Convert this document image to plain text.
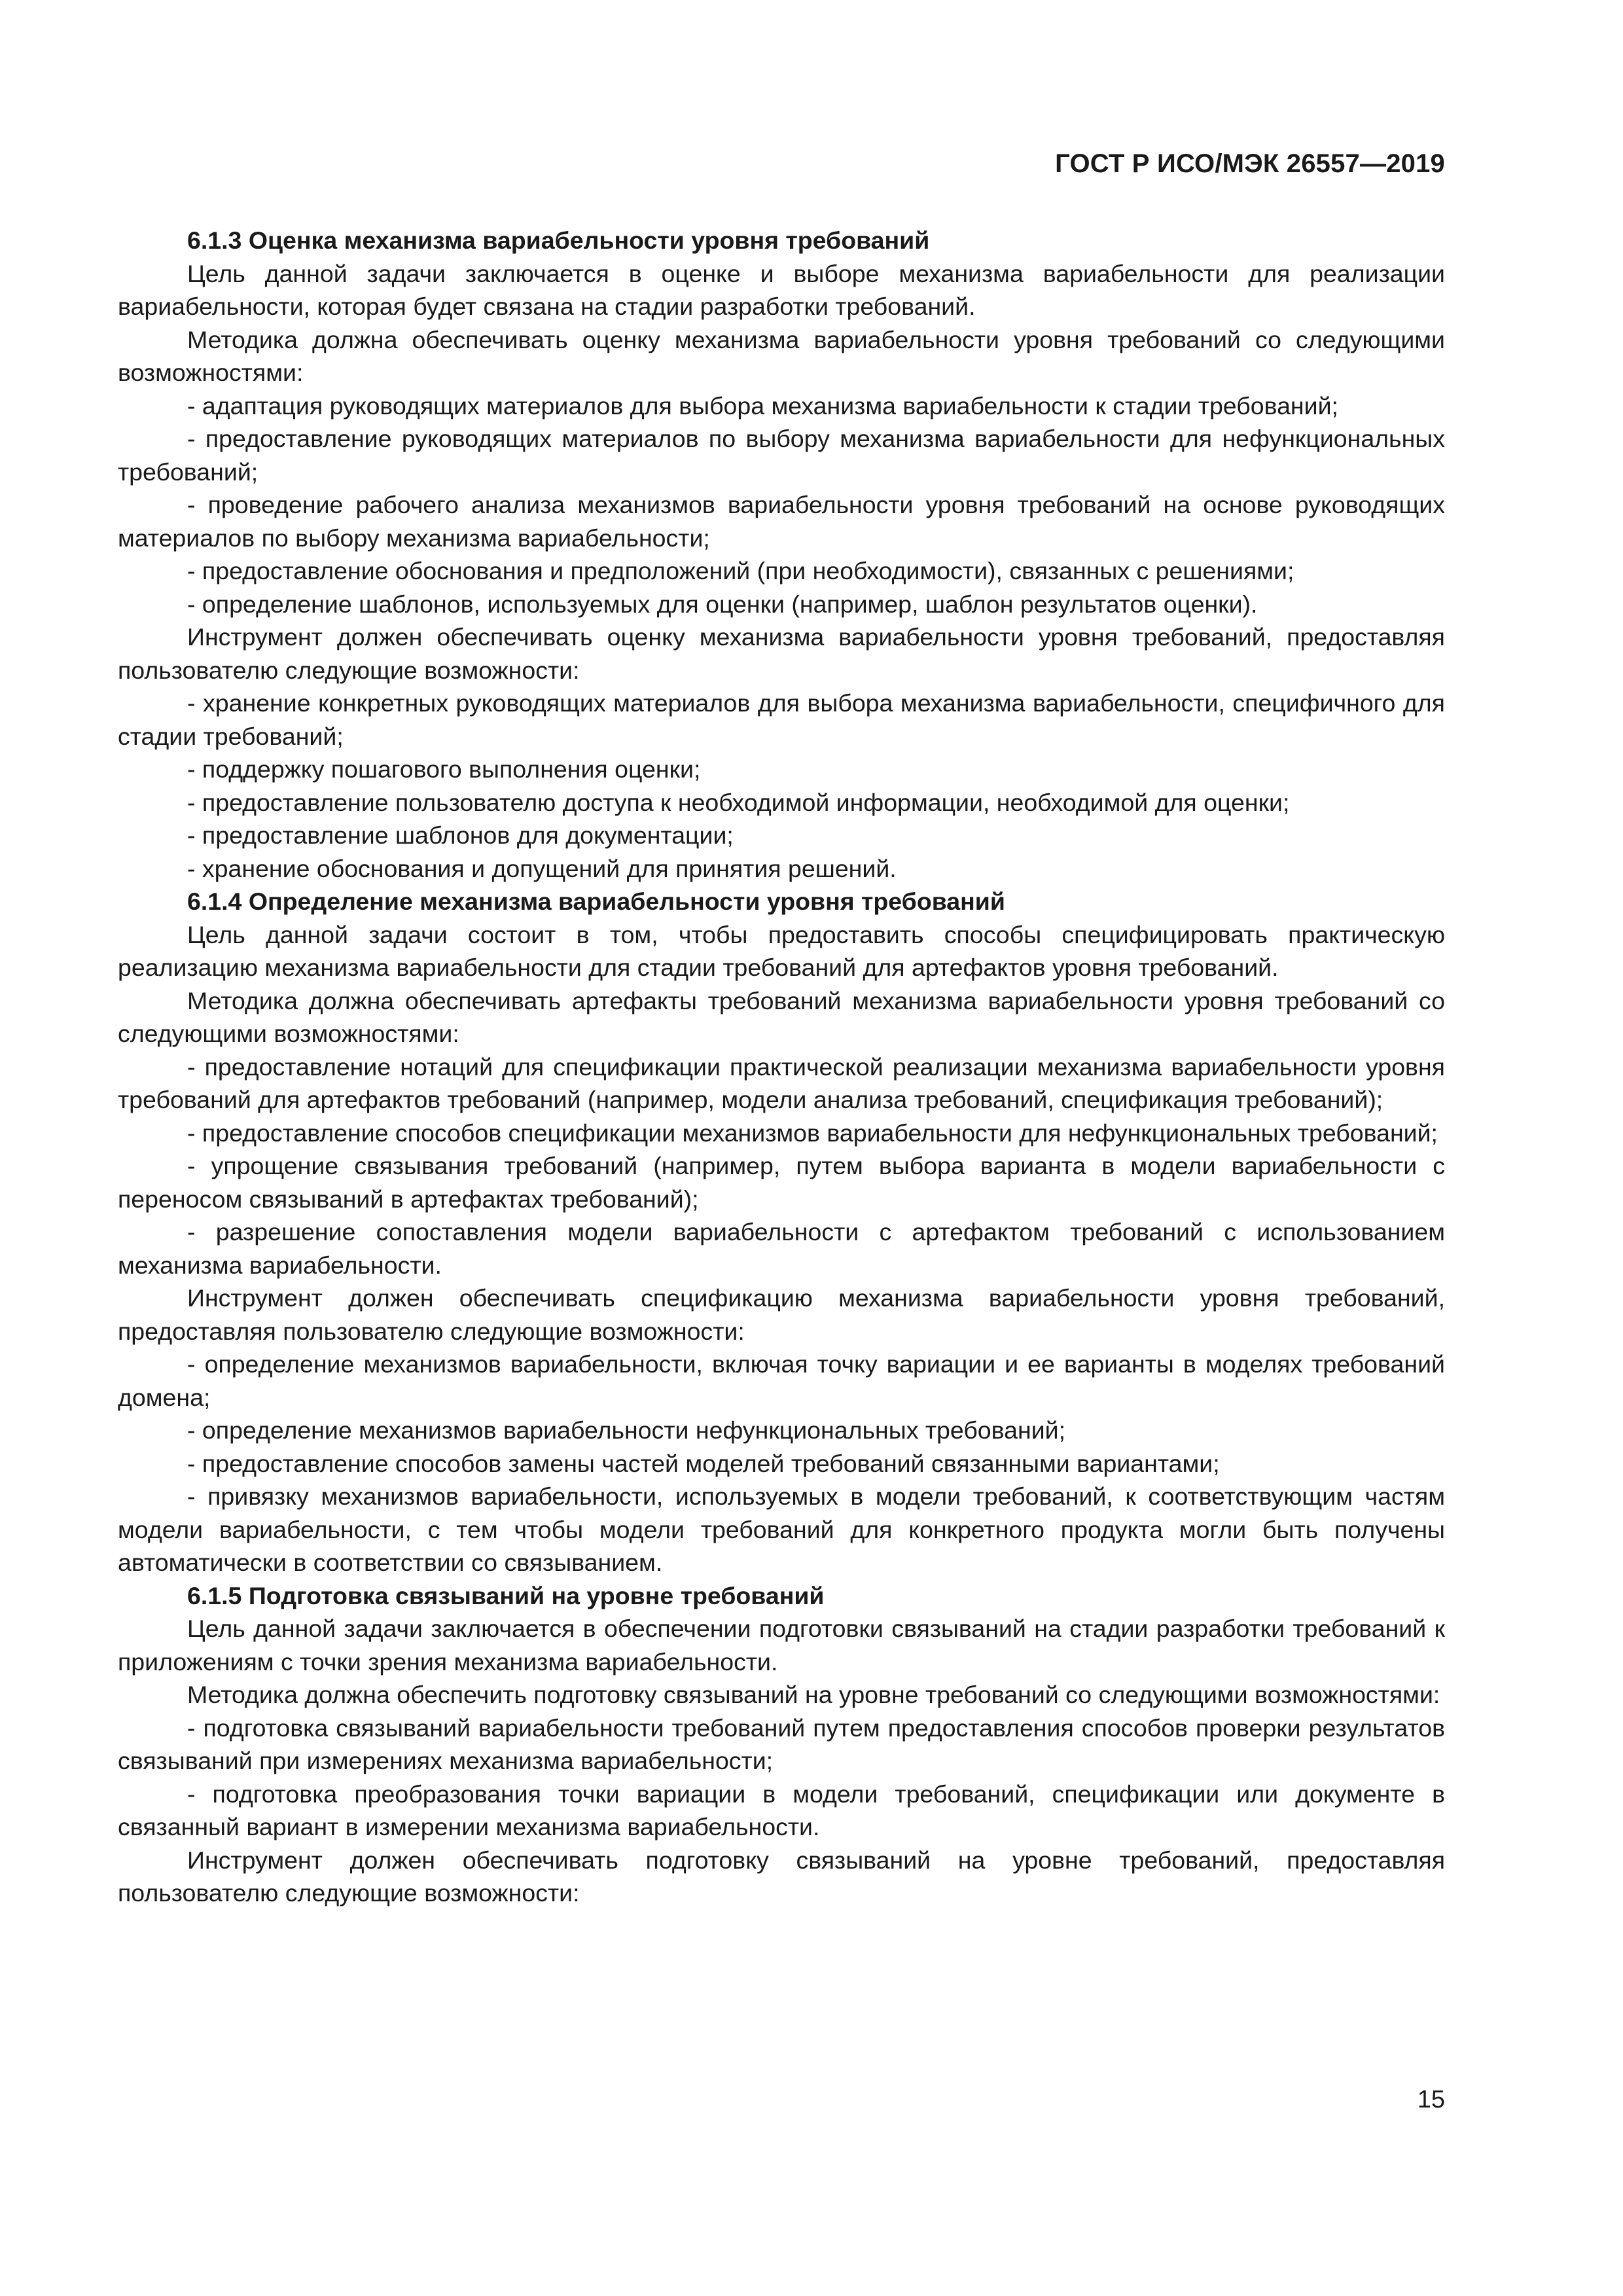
ГОСТ Р ИСО/МЭК 26557—2019

6.1.3 Оценка механизма вариабельности уровня требований

Цель данной задачи заключается в оценке и выборе механизма вариабельности для реализации вариабельности, которая будет связана на стадии разработки требований.

Методика должна обеспечивать оценку механизма вариабельности уровня требований со следующими возможностями:

- адаптация руководящих материалов для выбора механизма вариабельности к стадии требований;

- предоставление руководящих материалов по выбору механизма вариабельности для нефункциональных требований;

- проведение рабочего анализа механизмов вариабельности уровня требований на основе руководящих материалов по выбору механизма вариабельности;

- предоставление обоснования и предположений (при необходимости), связанных с решениями;

- определение шаблонов, используемых для оценки (например, шаблон результатов оценки).

Инструмент должен обеспечивать оценку механизма вариабельности уровня требований, предоставляя пользователю следующие возможности:

- хранение конкретных руководящих материалов для выбора механизма вариабельности, специфичного для стадии требований;

- поддержку пошагового выполнения оценки;

- предоставление пользователю доступа к необходимой информации, необходимой для оценки;

- предоставление шаблонов для документации;

- хранение обоснования и допущений для принятия решений.

6.1.4 Определение механизма вариабельности уровня требований

Цель данной задачи состоит в том, чтобы предоставить способы специфицировать практическую реализацию механизма вариабельности для стадии требований для артефактов уровня требований.

Методика должна обеспечивать артефакты требований механизма вариабельности уровня требований со следующими возможностями:

- предоставление нотаций для спецификации практической реализации механизма вариабельности уровня требований для артефактов требований (например, модели анализа требований, спецификация требований);

- предоставление способов спецификации механизмов вариабельности для нефункциональных требований;

- упрощение связывания требований (например, путем выбора варианта в модели вариабельности с переносом связываний в артефактах требований);

- разрешение сопоставления модели вариабельности с артефактом требований с использованием механизма вариабельности.

Инструмент должен обеспечивать спецификацию механизма вариабельности уровня требований, предоставляя пользователю следующие возможности:

- определение механизмов вариабельности, включая точку вариации и ее варианты в моделях требований домена;

- определение механизмов вариабельности нефункциональных требований;

- предоставление способов замены частей моделей требований связанными вариантами;

- привязку механизмов вариабельности, используемых в модели требований, к соответствующим частям модели вариабельности, с тем чтобы модели требований для конкретного продукта могли быть получены автоматически в соответствии со связыванием.

6.1.5 Подготовка связываний на уровне требований

Цель данной задачи заключается в обеспечении подготовки связываний на стадии разработки требований к приложениям с точки зрения механизма вариабельности.

Методика должна обеспечить подготовку связываний на уровне требований со следующими возможностями:

- подготовка связываний вариабельности требований путем предоставления способов проверки результатов связываний при измерениях механизма вариабельности;

- подготовка преобразования точки вариации в модели требований, спецификации или документе в связанный вариант в измерении механизма вариабельности.

Инструмент должен обеспечивать подготовку связываний на уровне требований, предоставляя пользователю следующие возможности:

15
